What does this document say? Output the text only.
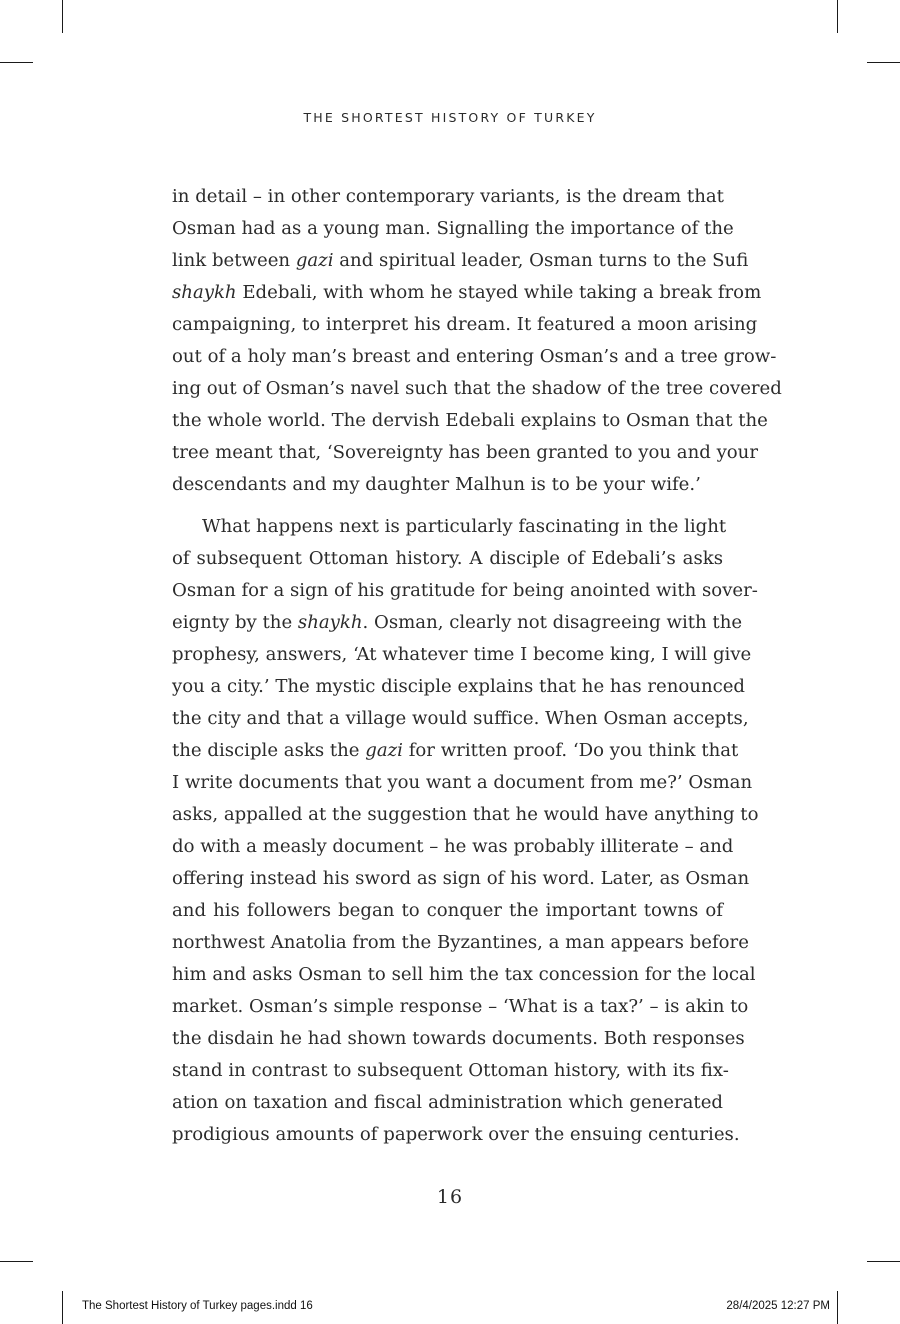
THE SHORTEST HISTORY OF TURKEY
in detail – in other contemporary variants, is the dream that
Osman had as a young man. Signalling the importance of the
link between gazi and spiritual leader, Osman turns to the Sufi
shaykh Edebali, with whom he stayed while taking a break from
campaigning, to interpret his dream. It featured a moon arising
out of a holy man’s breast and entering Osman’s and a tree grow-
ing out of Osman’s navel such that the shadow of the tree covered
the whole world. The dervish Edebali explains to Osman that the
tree meant that, ‘Sovereignty has been granted to you and your
descendants and my daughter Malhun is to be your wife.’
What happens next is particularly fascinating in the light
of subsequent Ottoman history. A disciple of Edebali’s asks
Osman for a sign of his gratitude for being anointed with sover-
eignty by the shaykh. Osman, clearly not disagreeing with the
prophesy, answers, ‘At whatever time I become king, I will give
you a city.’ The mystic disciple explains that he has renounced
the city and that a village would suffice. When Osman accepts,
the disciple asks the gazi for written proof. ‘Do you think that
I write documents that you want a document from me?’ Osman
asks, appalled at the suggestion that he would have anything to
do with a measly document – he was probably illiterate – and
offering instead his sword as sign of his word. Later, as Osman
and his followers began to conquer the important towns of
northwest Anatolia from the Byzantines, a man appears before
him and asks Osman to sell him the tax concession for the local
market. Osman’s simple response – ‘What is a tax?’ – is akin to
the disdain he had shown towards documents. Both responses
stand in contrast to subsequent Ottoman history, with its fix-
ation on taxation and fiscal administration which generated
prodigious amounts of paperwork over the ensuing centuries.
16
The Shortest History of Turkey pages.indd 16	28/4/2025 12:27 PM
